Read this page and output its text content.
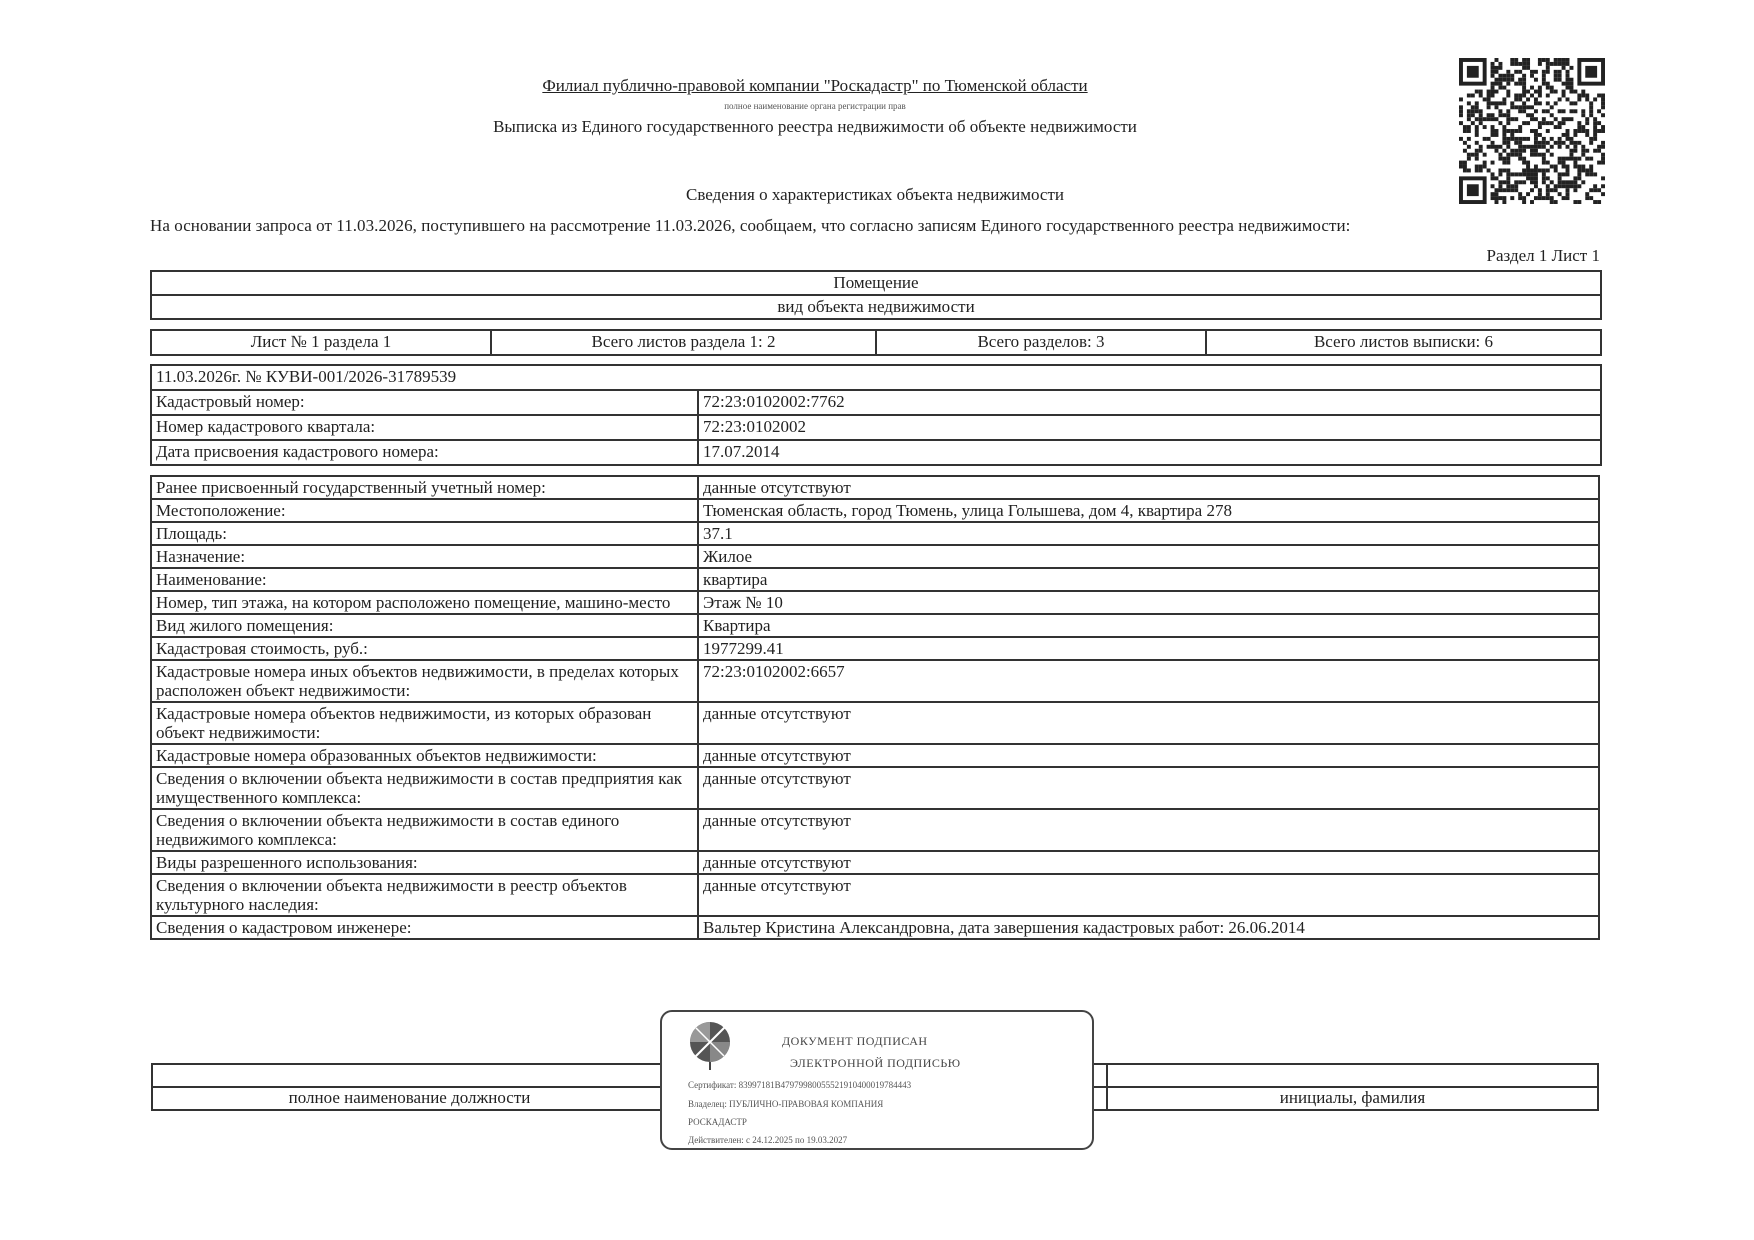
Филиал публично-правовой компании "Роскадастр" по Тюменской области
полное наименование органа регистрации прав
Выписка из Единого государственного реестра недвижимости об объекте недвижимости
Сведения о характеристиках объекта недвижимости
На основании запроса от 11.03.2026, поступившего на рассмотрение 11.03.2026, сообщаем, что согласно записям Единого государственного реестра недвижимости:
Раздел 1 Лист 1
Помещение
вид объекта недвижимости
Лист № 1 раздела 1	Всего листов раздела 1: 2	Всего разделов: 3	Всего листов выписки: 6
11.03.2026г. № КУВИ-001/2026-31789539	
Кадастровый номер:	72:23:0102002:7762
Номер кадастрового квартала:	72:23:0102002
Дата присвоения кадастрового номера:	17.07.2014
Ранее присвоенный государственный учетный номер:	данные отсутствуют
Местоположение:	Тюменская область, город Тюмень, улица Голышева, дом 4, квартира 278
Площадь:	37.1
Назначение:	Жилое
Наименование:	квартира
Номер, тип этажа, на котором расположено помещение, машино-место	Этаж № 10
Вид жилого помещения:	Квартира
Кадастровая стоимость, руб.:	1977299.41
Кадастровые номера иных объектов недвижимости, в пределах которых расположен объект недвижимости:	72:23:0102002:6657
Кадастровые номера объектов недвижимости, из которых образован объект недвижимости:	данные отсутствуют
Кадастровые номера образованных объектов недвижимости:	данные отсутствуют
Сведения о включении объекта недвижимости в состав предприятия как имущественного комплекса:	данные отсутствуют
Сведения о включении объекта недвижимости в состав единого недвижимого комплекса:	данные отсутствуют
Виды разрешенного использования:	данные отсутствуют
Сведения о включении объекта недвижимости в реестр объектов культурного наследия:	данные отсутствуют
Сведения о кадастровом инженере:	Вальтер Кристина Александровна, дата завершения кадастровых работ: 26.06.2014

полное наименование должности		инициалы, фамилия
ДОКУМЕНТ ПОДПИСАН
ЭЛЕКТРОННОЙ ПОДПИСЬЮ
Сертификат: 83997181В47979980055521910400019784443
Владелец: ПУБЛИЧНО-ПРАВОВАЯ КОМПАНИЯ
РОСКАДАСТР
Действителен: с 24.12.2025 по 19.03.2027
